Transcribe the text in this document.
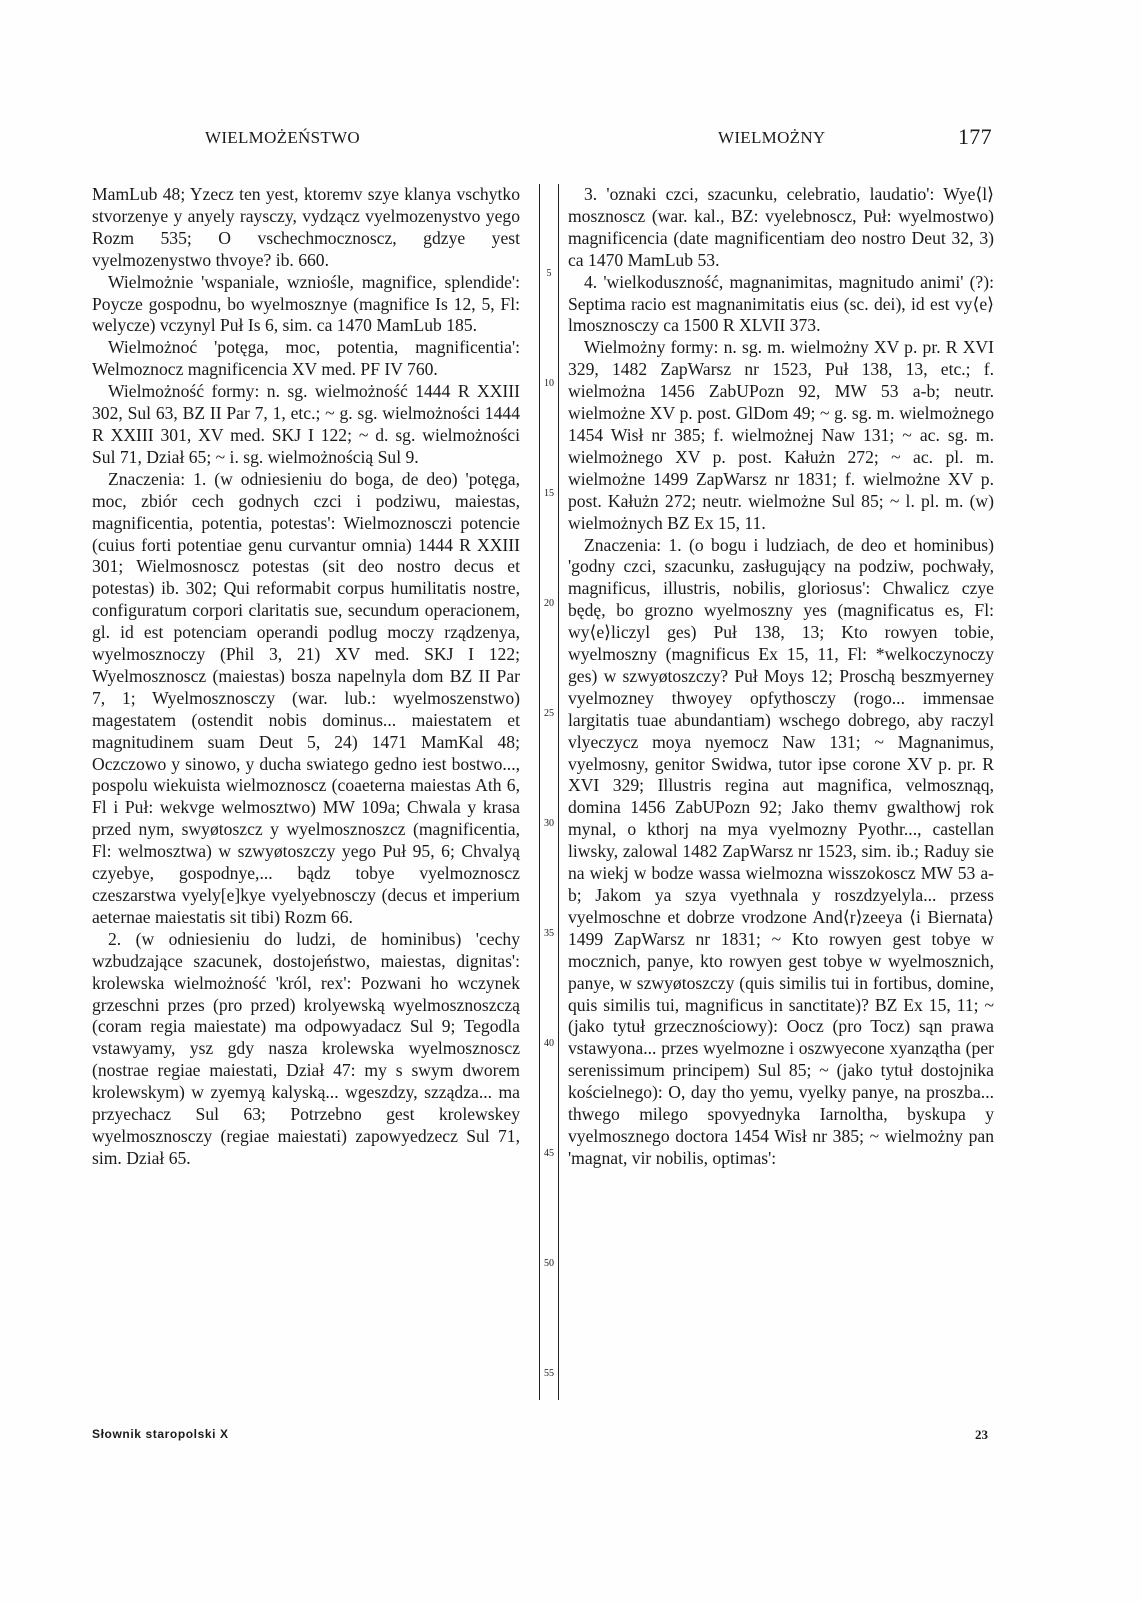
WIELMOŻEŃSTWO	WIELMOŻNY	177

MamLub 48; Yzecz ten yest, ktoremv szye klanya vschytko stvorzenye y anyely raysczy, vydząсz vyelmozenystvo yego Rozm 535; O vschechmocznoscz, gdzye yest vyelmozenystwo thvoye? ib. 660.

Wielmożnie 'wspaniale, wzniośle, magnifice, splendide': Poycze gospodnu, bo wyelmosznye (magnifice Is 12, 5, Fl: welycze) vczynyl Puł Is 6, sim. ca 1470 MamLub 185.

Wielmożnoć 'potęga, moc, potentia, magnificentia': Welmoznocz magnificencia XV med. PF IV 760.

Wielmożność formy: n. sg. wielmożność 1444 R XXIII 302, Sul 63, BZ II Par 7, 1, etc.; ~ g. sg. wielmożności 1444 R XXIII 301, XV med. SKJ I 122; ~ d. sg. wielmożności Sul 71, Dział 65; ~ i. sg. wielmożnością Sul 9.

Znaczenia: 1. (w odniesieniu do boga, de deo) 'potęga, moc, zbiór cech godnych czci i podziwu, maiestas, magnificentia, potentia, potestas': Wielmoznosczi potencie (cuius forti potentiae genu curvantur omnia) 1444 R XXIII 301; Wielmosnoscz potestas (sit deo nostro decus et potestas) ib. 302; Qui reformabit corpus humilitatis nostre, configuratum corpori claritatis sue, secundum operacionem, gl. id est potenciam operandi podlug moczy rządzenya, wyelmosznoczy (Phil 3, 21) XV med. SKJ I 122; Wyelmosznoscz (maiestas) bosza napelnyla dom BZ II Par 7, 1; Wyelmosznosczy (war. lub.: wyelmoszenstwo) magestatem (ostendit nobis dominus... maiestatem et magnitudinem suam Deut 5, 24) 1471 MamKal 48; Oczczowo y sinowo, y ducha swiatego gedno iest bostwo..., pospolu wiekuista wielmoznoscz (coaeterna maiestas Ath 6, Fl i Puł: wekvge welmosztwo) MW 109a; Chwala y krasa przed nym, swyøtoszcz y wyelmosznoszcz (magnificentia, Fl: welmosztwa) w szwyøtoszczy yego Puł 95, 6; Chvalyą czyebye, gospodnye,... bądz tobye vyelmoznoscz czeszarstwa vyely[e]kye vyelyebnosczy (decus et imperium aeternae maiestatis sit tibi) Rozm 66.

2. (w odniesieniu do ludzi, de hominibus) 'cechy wzbudzające szacunek, dostojeństwo, maiestas, dignitas': krolewska wielmożność 'król, rex': Pozwani ho wczynek grzeschni przes (pro przed) krolyewską wyelmosznoszczą (coram regia maiestate) ma odpowyadacz Sul 9; Tegodla vstawyamy, ysz gdy nasza krolewska wyelmosznoscz (nostrae regiae maiestati, Dział 47: my s swym dworem krolewskym) w zyemyą kalyską... wgeszdzy, szządza... ma przyechacz Sul 63; Potrzebno gest krolewskey wyelmosznosczy (regiae maiestati) zapowyedzecz Sul 71, sim. Dział 65.

5
10
15
20
25
30
35
40
45
50
55

3. 'oznaki czci, szacunku, celebratio, laudatio': Wye⟨l⟩mosznoscz (war. kal., BZ: vyelebnoscz, Puł: wyelmostwo) magnificencia (date magnificentiam deo nostro Deut 32, 3) ca 1470 MamLub 53.

4. 'wielkoduszność, magnanimitas, magnitudo animi' (?): Septima racio est magnanimitatis eius (sc. dei), id est vy⟨e⟩lmosznosczy ca 1500 R XLVII 373.

Wielmożny formy: n. sg. m. wielmożny XV p. pr. R XVI 329, 1482 ZapWarsz nr 1523, Puł 138, 13, etc.; f. wielmożna 1456 ZabUPozn 92, MW 53 a-b; neutr. wielmożne XV p. post. GlDom 49; ~ g. sg. m. wielmożnego 1454 Wisł nr 385; f. wielmożnej Naw 131; ~ ac. sg. m. wielmożnego XV p. post. Kałużn 272; ~ ac. pl. m. wielmożne 1499 ZapWarsz nr 1831; f. wielmożne XV p. post. Kałużn 272; neutr. wielmożne Sul 85; ~ l. pl. m. (w) wielmożnych BZ Ex 15, 11.

Znaczenia: 1. (o bogu i ludziach, de deo et hominibus) 'godny czci, szacunku, zasługujący na podziw, pochwały, magnificus, illustris, nobilis, gloriosus': Chwalicz czye będę, bo grozno wyelmoszny yes (magnificatus es, Fl: wy⟨e⟩liczyl ges) Puł 138, 13; Kto rowyen tobie, wyelmoszny (magnificus Ex 15, 11, Fl: *welkoczynoczy ges) w szwyøtoszczy? Puł Moys 12; Proschą beszmyerney vyelmozney thwoyey opfythosczy (rogo... immensae largitatis tuae abundantiam) wschego dobrego, aby raczyl vlyeczycz moya nyemocz Naw 131; ~ Magnanimus, vyelmosny, genitor Swidwa, tutor ipse corone XV p. pr. R XVI 329; Illustris regina aut magnifica, velmosznąq, domina 1456 ZabUPozn 92; Jako themv gwalthowj rok mynal, o kthorj na mya vyelmozny Pyothr..., castellan liwsky, zalowal 1482 ZapWarsz nr 1523, sim. ib.; Raduy sie na wiekj w bodze wassa wielmozna wisszokoscz MW 53 a-b; Jakom ya szya vyethnala y roszdzyelyla... przess vyelmoschne et dobrze vrodzone And⟨r⟩zeeya ⟨i Biernata⟩ 1499 ZapWarsz nr 1831; ~ Kto rowyen gest tobye w mocznich, panye, kto rowyen gest tobye w wyelmosznich, panye, w szwyøtoszczy (quis similis tui in fortibus, domine, quis similis tui, magnificus in sanctitate)? BZ Ex 15, 11; ~ (jako tytuł grzecznościowy): Oocz (pro Tocz) sąn prawa vstawyona... przes wyelmozne i oszwyecone xyanząthа (per serenissimum principem) Sul 85; ~ (jako tytuł dostojnika kościelnego): O, day tho yemu, vyelky panye, na proszba... thwego milego spovyednyka Iarnoltha, byskupa y vyelmosznego doctora 1454 Wisł nr 385; ~ wielmożny pan 'magnat, vir nobilis, optimas':

Słownik staropolski X	23
